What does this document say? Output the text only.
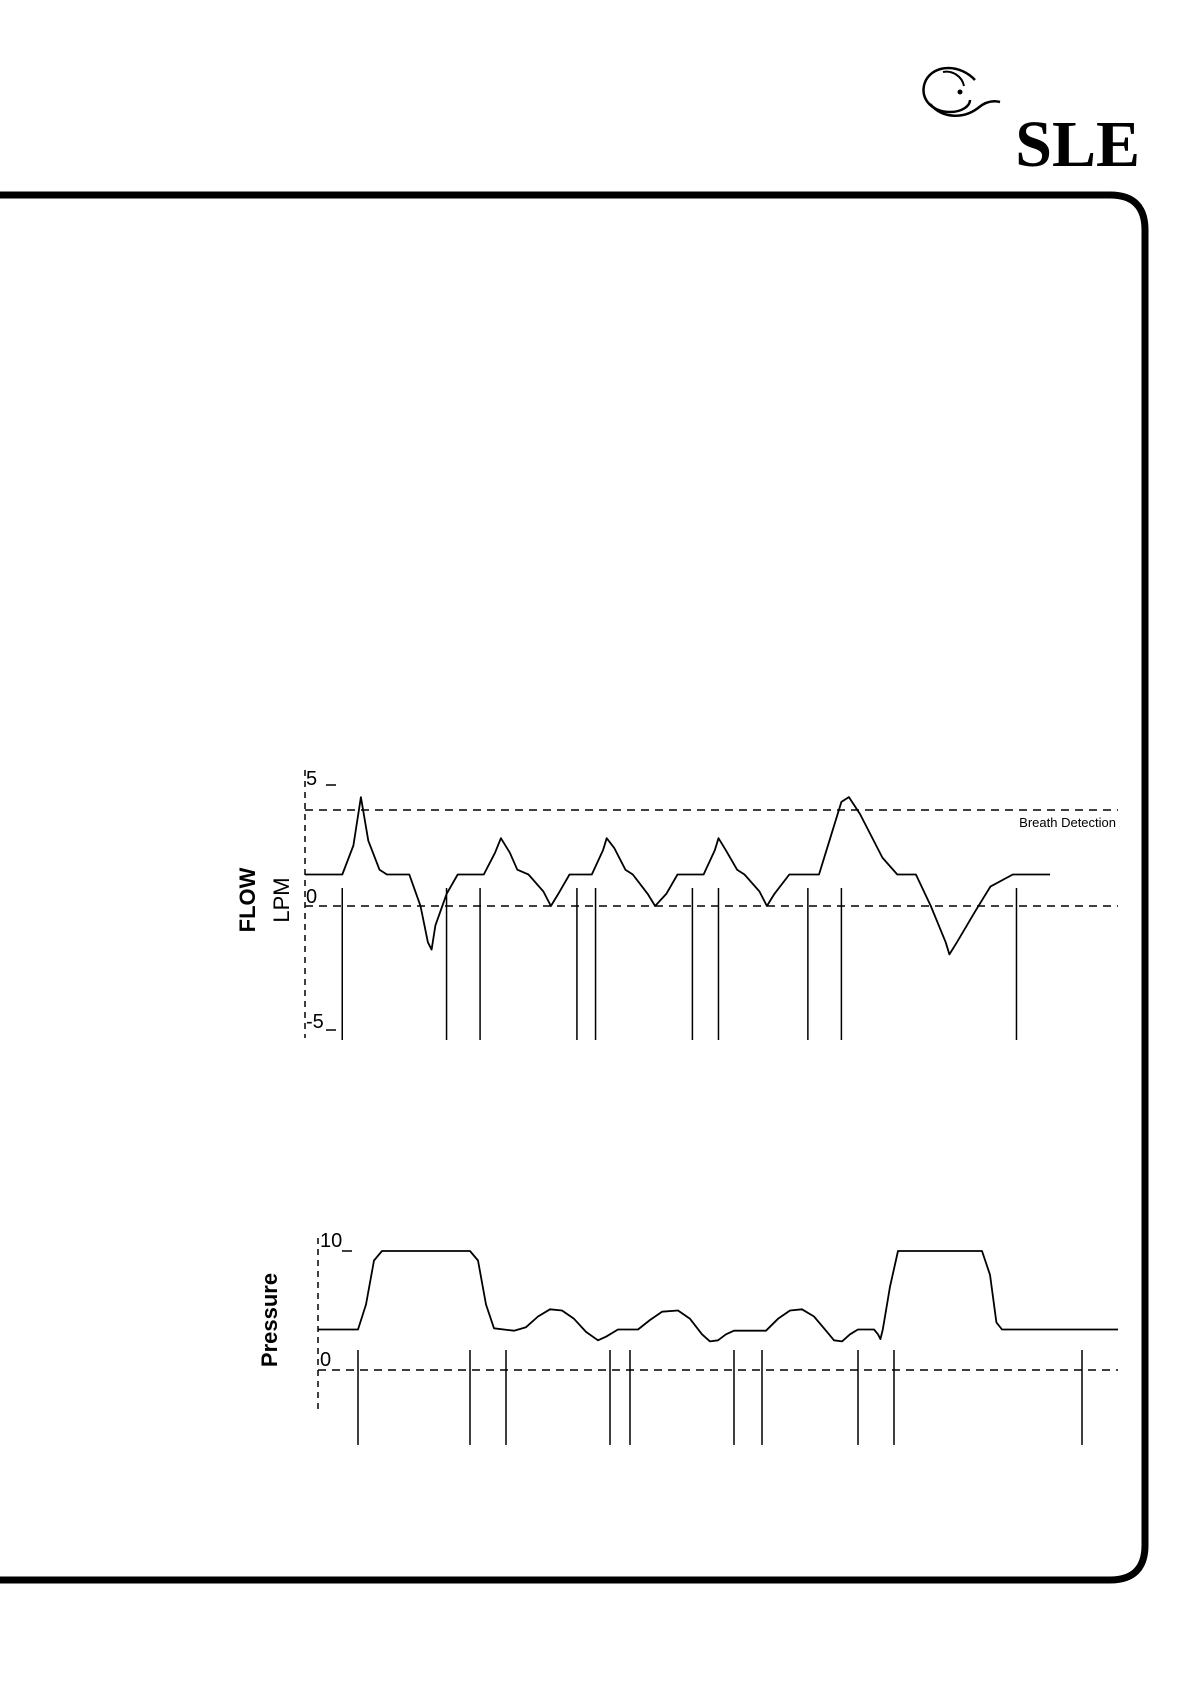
SLE
Breath Detection
5
0
-5
FLOW LPM
10
0
Pressure
